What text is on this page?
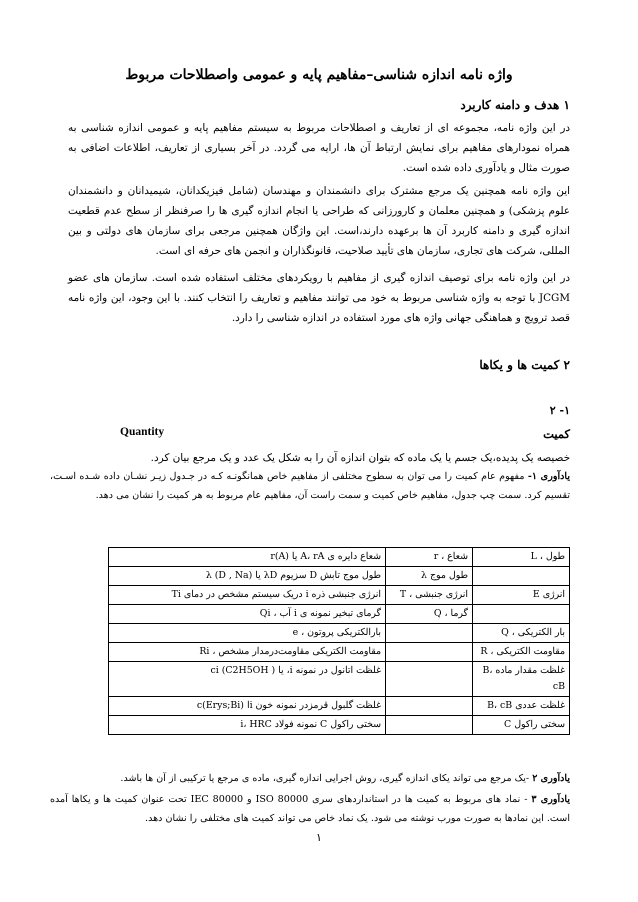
واژه نامه اندازه شناسی–مفاهیم پایه و عمومی واصطلاحات مربوط
۱ هدف و دامنه کاربرد

در این واژه نامه، مجموعه ای از تعاریف و اصطلاحات مربوط به سیستم مفاهیم پایه و عمومی اندازه شناسی به همراه نمودارهای مفاهیم برای نمایش ارتباط آن ها، ارایه می گردد. در آخر بسیاری از تعاریف، اطلاعات اضافی به صورت مثال و یادآوری داده شده است.

این واژه نامه همچنین یک مرجع مشترک برای دانشمندان و مهندسان (شامل فیزیکدانان، شیمیدانان و دانشمندان علوم پزشکی) و همچنین معلمان و کارورزانی که طراحی یا انجام اندازه گیری ها را صرفنظر از سطح عدم قطعیت اندازه گیری و دامنه کاربرد آن ها برعهده دارند،است. این واژگان همچنین مرجعی برای سازمان های دولتی و بین المللی، شرکت های تجاری، سازمان های تأیید صلاحیت، قانونگذاران و انجمن های حرفه ای است.

در این واژه نامه برای توصیف اندازه گیری از مفاهیم با رویکردهای مختلف استفاده شده است. سازمان های عضو JCGM با توجه به واژه شناسی مربوط به خود می توانند مفاهیم و تعاریف را انتخاب کنند. با این وجود، این واژه نامه قصد ترویج و هماهنگی جهانی واژه های مورد استفاده در اندازه شناسی را دارد.

۲ کمیت ها و یکاها
۱- ۲
کمیت
Quantity
خصیصه یک پدیده،یک جسم یا یک ماده که بتوان اندازه آن را به شکل یک عدد و یک مرجع بیان کرد.
یادآوری ۱- مفهوم عام کمیت را می توان به سطوح مختلفی از مفاهیم خاص همانگونـه کـه در جـدول زیـر نشـان داده شـده اسـت، تقسیم کرد. سمت چپ جدول، مفاهیم خاص کمیت و سمت راست آن، مفاهیم عام مربوط به هر کمیت را نشان می دهد.
طول ، L	شعاع ، r	شعاع دایره ی A، rA یا r(A)
	طول موج λ	طول موج تابش D سزیوم λD یا λ (D , Na)
انرژی E	انرژی جنبشی ، T	انرژی جنبشی ذره i دریک سیستم مشخص در دمای Ti
	گرما ، Q	گرمای تبخیر نمونه ی i آب ، Qi
بار الکتریکی ، Q		بارالکتریکی پروتون ، e
مقاومت الکتریکی ، R		مقاومت الکتریکی مقاومت‌درمدار مشخص ، Ri
غلظت مقدار ماده B، cB		غلظت اتانول در نمونه i، یا ci (C2H5OH )
غلظت عددی B، cB		غلظت گلبول قرمزدر نمونه خون i‌ا c(Erys;Bi)
سختی راکول C		سختی راکول C نمونه فولاد i، HRC
یادآوری ۲ -یک مرجع می تواند یکای اندازه گیری، روش اجرایی اندازه گیری، ماده ی مرجع یا ترکیبی از آن ها باشد.
یادآوری ۳ - نماد های مربوط به کمیت ها در استانداردهای سری ISO 80000 و IEC 80000 تحت عنوان کمیت ها و یکاها آمده است. این نمادها به صورت مورب نوشته می شود. یک نماد خاص می تواند کمیت های مختلفی را نشان دهد.
۱
